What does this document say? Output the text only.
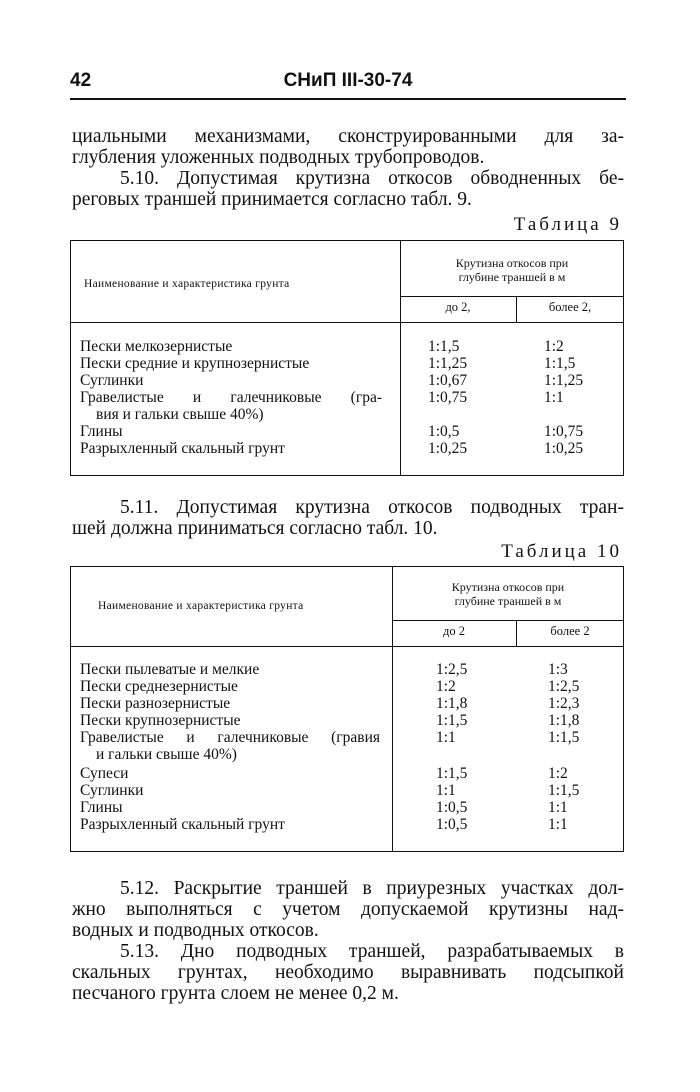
42	СНиП III-30-74
циальными механизмами, сконструированными для за-
глубления уложенных подводных трубопроводов.
5.10. Допустимая крутизна откосов обводненных бе-
реговых траншей принимается согласно табл. 9.
Таблица 9
Наименование и характеристика грунта
Крутизна откосов при
глубине траншей в м
до 2,	более 2,
Пески мелкозернистые	1:1,5	1:2
Пески средние и крупнозернистые	1:1,25	1:1,5
Суглинки	1:0,67	1:1,25
Гравелистые и галечниковые (гра-	1:0,75	1:1
вия и гальки свыше 40%)
Глины	1:0,5	1:0,75
Разрыхленный скальный грунт	1:0,25	1:0,25
5.11. Допустимая крутизна откосов подводных тран-
шей должна приниматься согласно табл. 10.
Таблица 10
Наименование и характеристика грунта
Крутизна откосов при
глубине траншей в м
до 2	более 2
Пески пылеватые и мелкие	1:2,5	1:3
Пески среднезернистые	1:2	1:2,5
Пески разнозернистые	1:1,8	1:2,3
Пески крупнозернистые	1:1,5	1:1,8
Гравелистые и галечниковые (гравия	1:1	1:1,5
и гальки свыше 40%)
Супеси	1:1,5	1:2
Суглинки	1:1	1:1,5
Глины	1:0,5	1:1
Разрыхленный скальный грунт	1:0,5	1:1
5.12. Раскрытие траншей в приурезных участках дол-
жно выполняться с учетом допускаемой крутизны над-
водных и подводных откосов.
5.13. Дно подводных траншей, разрабатываемых в
скальных грунтах, необходимо выравнивать подсыпкой
песчаного грунта слоем не менее 0,2 м.
